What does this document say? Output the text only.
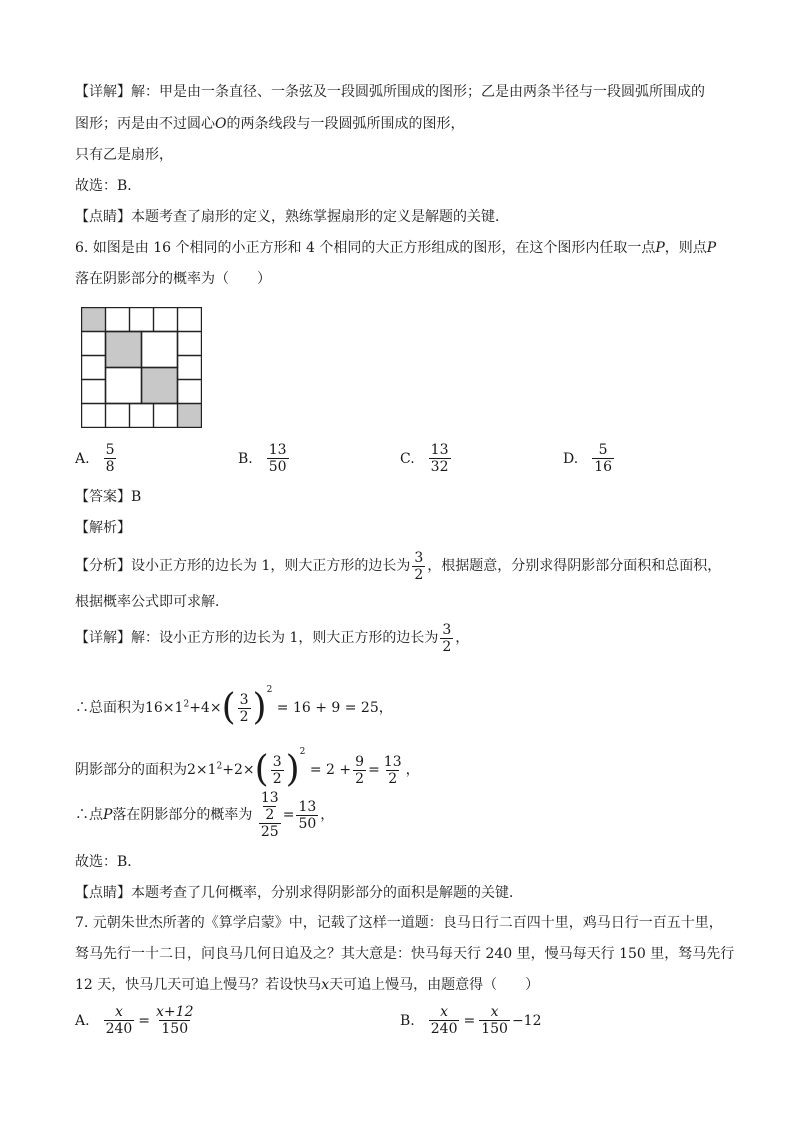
【详解】解：甲是由一条直径、一条弦及一段圆弧所围成的图形；乙是由两条半径与一段圆弧所围成的
图形；丙是由不过圆心O的两条线段与一段圆弧所围成的图形，
只有乙是扇形，
故选：B．
【点睛】本题考查了扇形的定义，熟练掌握扇形的定义是解题的关键．
6. 如图是由 16 个相同的小正方形和 4 个相同的大正方形组成的图形，在这个图形内任取一点P，则点P
落在阴影部分的概率为（　　）
A. $\frac{5}{8}$	B. $\frac{13}{50}$	C. $\frac{13}{32}$	D. $\frac{5}{16}$
【答案】B
【解析】
【分析】设小正方形的边长为 1，则大正方形的边长为 $\frac{3}{2}$ ，根据题意，分别求得阴影部分面积和总面积，
根据概率公式即可求解．
【详解】解：设小正方形的边长为 1，则大正方形的边长为 $\frac{3}{2}$ ，
∴总面积为$16\times 1^2+4\times( \frac{3}{2} )^2 = 16 + 9 = 25$，
阴影部分的面积为$2\times 1^2+2\times( \frac{3}{2} )^2 = 2 + \frac{9}{2} = \frac{13}{2}$ ，
∴点P落在阴影部分的概率为 13
2
$25 = \frac{13}{50}$ ，
故选：B．
【点睛】本题考查了几何概率，分别求得阴影部分的面积是解题的关键．
7. 元朝朱世杰所著的《算学启蒙》中，记载了这样一道题：良马日行二百四十里，鸡马日行一百五十里，
驽马先行一十二日，问良马几何日追及之？其大意是：快马每天行 240 里，慢马每天行 150 里，驽马先行
12 天，快马几天可追上慢马？若设快马x天可追上慢马，由题意得（　　）
A. $\frac{x}{240} = \frac{x+12}{150}$	B. $\frac{x}{240} = \frac{x}{150} -12$
